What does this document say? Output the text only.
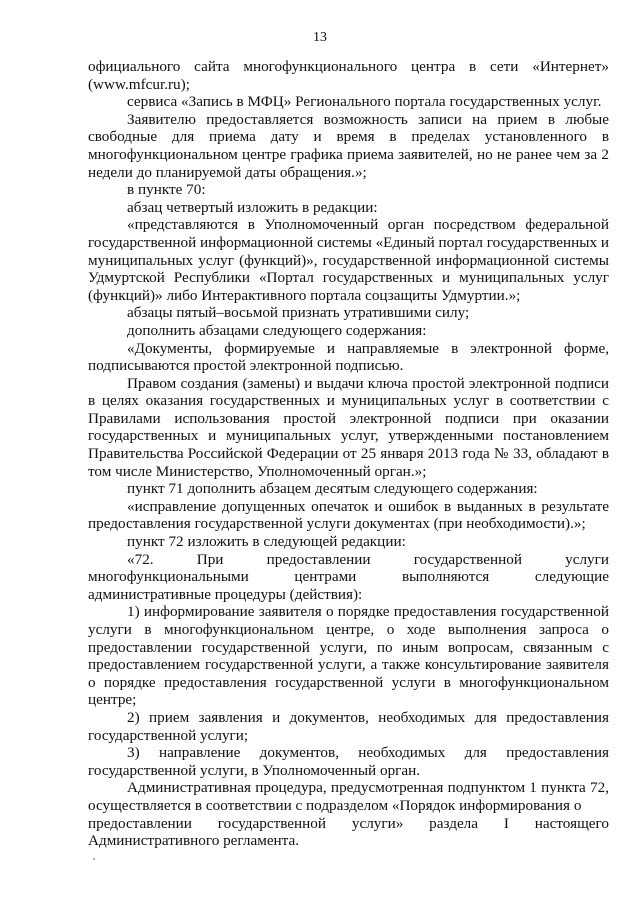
13

официального сайта многофункционального центра в сети «Интернет» (www.mfcur.ru);

сервиса «Запись в МФЦ» Регионального портала государственных услуг.

Заявителю предоставляется возможность записи на прием в любые свободные для приема дату и время в пределах установленного в многофункциональном центре графика приема заявителей, но не ранее чем за 2 недели до планируемой даты обращения.»;

в пункте 70:

абзац четвертый изложить в редакции:

«представляются в Уполномоченный орган посредством федеральной государственной информационной системы «Единый портал государственных и муниципальных услуг (функций)», государственной информационной системы Удмуртской Республики «Портал государственных и муниципальных услуг (функций)» либо Интерактивного портала соцзащиты Удмуртии.»;

абзацы пятый–восьмой признать утратившими силу;

дополнить абзацами следующего содержания:

«Документы, формируемые и направляемые в электронной форме, подписываются простой электронной подписью.

Правом создания (замены) и выдачи ключа простой электронной подписи в целях оказания государственных и муниципальных услуг в соответствии с Правилами использования простой электронной подписи при оказании государственных и муниципальных услуг, утвержденными постановлением Правительства Российской Федерации от 25 января 2013 года № 33, обладают в том числе Министерство, Уполномоченный орган.»;

пункт 71 дополнить абзацем десятым следующего содержания:

«исправление допущенных опечаток и ошибок в выданных в результате предоставления государственной услуги документах (при необходимости).»;

пункт 72 изложить в следующей редакции:

«72.	При	предоставлении	государственной	услуги
многофункциональными	центрами	выполняются	следующие

административные процедуры (действия):

1) информирование заявителя о порядке предоставления государственной услуги в многофункциональном центре, о ходе выполнения запроса о предоставлении государственной услуги, по иным вопросам, связанным с предоставлением государственной услуги, а также консультирование заявителя о порядке предоставления государственной услуги в многофункциональном центре;

2) прием заявления и документов, необходимых для предоставления государственной услуги;

3) направление документов, необходимых для предоставления

государственной услуги, в Уполномоченный орган.

Административная процедура, предусмотренная подпунктом 1 пункта 72, осуществляется в соответствии с подразделом «Порядок информирования о

предоставлении государственной услуги» раздела I настоящего

Административного регламента.
